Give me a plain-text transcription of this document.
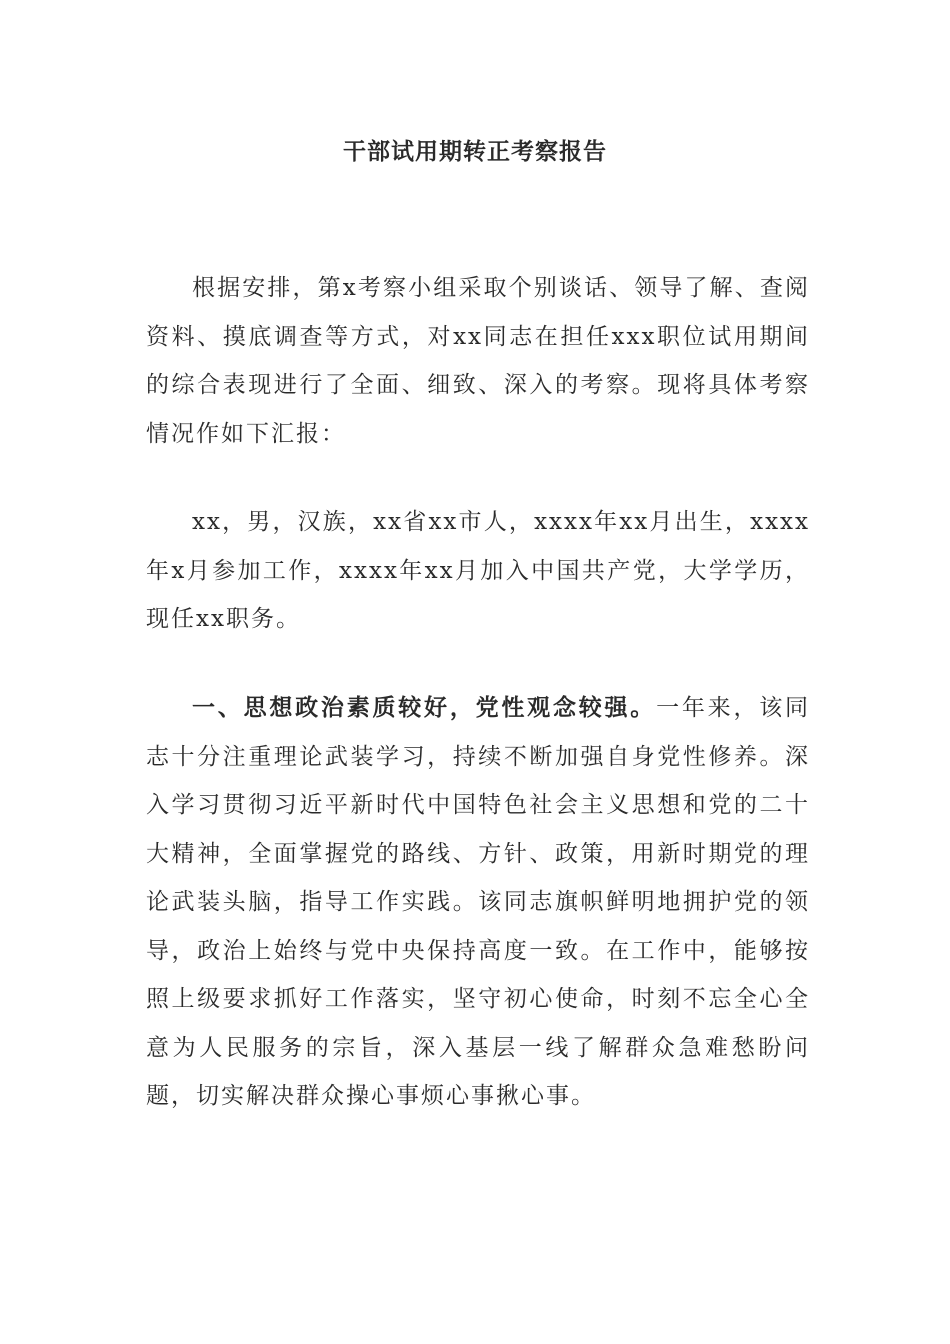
干部试用期转正考察报告

根据安排，第x考察小组采取个别谈话、领导了解、查阅资料、摸底调查等方式，对xx同志在担任xxx职位试用期间的综合表现进行了全面、细致、深入的考察。现将具体考察情况作如下汇报：

xx，男，汉族，xx省xx市人，xxxx年xx月出生，xxxx年x月参加工作，xxxx年xx月加入中国共产党，大学学历，现任xx职务。

一、思想政治素质较好，党性观念较强。一年来，该同志十分注重理论武装学习，持续不断加强自身党性修养。深入学习贯彻习近平新时代中国特色社会主义思想和党的二十大精神，全面掌握党的路线、方针、政策，用新时期党的理论武装头脑，指导工作实践。该同志旗帜鲜明地拥护党的领导，政治上始终与党中央保持高度一致。在工作中，能够按照上级要求抓好工作落实，坚守初心使命，时刻不忘全心全意为人民服务的宗旨，深入基层一线了解群众急难愁盼问题，切实解决群众操心事烦心事揪心事。
